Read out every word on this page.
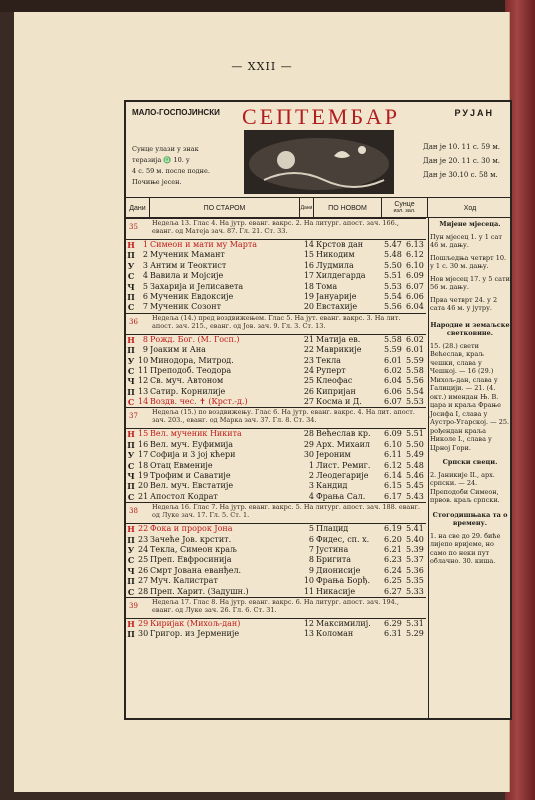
— XXII —
МАЛО-ГОСПОЈИНСКИ	СЕПТЕМБАР	РУЈАН
Сунце улази у знак
теразија ♎ 10. у
4 с. 59 м. после подне.
Почиње јесен.
Дан је 10. 11 с. 59 м.
Дан је 20. 11 с. 30 м.
Дан је 30.10 с. 58 м.
Дани	ПО СТАРОМ	Дани	ПО НОВОМ	Сунце
изл. зал.	Ход
35 Недеља 13. Глас 4. На јутр. еванг. вакрс. 2. На литург. апост. зач. 166., еванг. од Матеја зач. 87. Гл. 21. Ст. 33.
Н	1 Симеон и мати му Марта	14 Крстов дан	5.47 6.13
П	2 Мученик Мамант	15 Никодим	5.48 6.12
У	3 Антим и Теоктист	16 Лудмила	5.50 6.10
С	4 Вавила и Мојсије	17 Хилдегарда	5.51 6.09
Ч	5 Захарија и Јелисавета	18 Тома	5.53 6.07
П	6 Мученик Евдоксије	19 Јануарије	5.54 6.06
С	7 Мученик Созонт	20 Евстахије	5.56 6.04
36 Недеља (14.) пред воздвижењем. Глас 5. На јут. еванг. вакрс. 3. На лит. апост. зач. 215., еванг. од Јов. зач. 9. Гл. 3. Ст. 13.
Н	8 Рожд. Бог. (М. Госп.)	21 Матија ев.	5.58 6.02
П	9 Јоаким и Ана	22 Маврикије	5.59 6.01
У 10 Минодора, Митрод.	23 Текла	6.01 5.59
С 11 Преподоб. Теодора	24 Руперт	6.02 5.58
Ч 12 Св. муч. Автоном	25 Клеофас	6.04 5.56
П 13 Сатир. Корнилије	26 Кипријан	6.06 5.54
С 14 Воздв. чес. ✝ (Крст.-д.)	27 Косма и Д.	6.07 5.53
37 Недеља (15.) по воздвижењу. Глас 6. На јутр. еванг. вакрс. 4. На лит. апост. зач. 203., еванг. од Марка зач. 37. Гл. 8. Ст. 34.
Н 15 Вел. мученик Никита	28 Већеслав кр.	6.09 5.51
П 16 Вел. муч. Еуфимија	29 Арх. Михаил	6.10 5.50
У 17 Софија и 3 јој кћери	30 Јероним	6.11 5.49
С 18 Отац Евменије	1 Лист. Ремиг.	6.12 5.48
Ч 19 Трофим и Саватије	2 Леодегарије	6.14 5.46
П 20 Вел. муч. Евстатије	3 Кандид	6.15 5.45
С 21 Апостол Кодрат	4 Фрања Сал.	6.17 5.43
38 Недеља 16. Глас 7. На јутр. еванг. вакрс. 5. На литург. апост. зач. 188. еванг. од Луке зач. 17. Гл. 5. Ст. 1.
Н 22 Фока и пророк Јона	5 Плацид	6.19 5.41
П 23 Зачеће Јов. крстит.	6 Фидес, сп. х.	6.20 5.40
У 24 Текла, Симеон краљ	7 Јустина	6.21 5.39
С 25 Преп. Евфросинија	8 Бригита	6.23 5.37
Ч 26 Смрт Јована еванђел.	9 Дионисије	6.24 5.36
П 27 Муч. Калистрат	10 Фрања Борђ.	6.25 5.35
С 28 Преп. Харит. (Задушн.)	11 Никасије	6.27 5.33
39 Недеља 17. Глас 8. На јутр. еванг. вакрс. 6. На литург. апост. зач. 194., еванг. од Луке зач. 26. Гл. 6. Ст. 31.
Н 29 Киријак (Михољ-дан)	12 Максимилиј.	6.29 5.31
П 30 Григор. из Јерменије	13 Коломан	6.31 5.29
Мијене мјесеца.

Пун мјесец 1. у 1 сат 46 м. дању.

Пошљедња четврт 10. у 1 с. 30 м. дању.

Нов мјесец 17. у 5 сати 56 м. дању.

Прва четврт 24. у 2 сата 46 м. у јутру.

Народне и земаљске светковине.

15. (28.) свети Већеслав, краљ чешки, слава у Чешкој. — 16 (29.) Михољ-дан, слава у Галицији. — 21. (4. окт.) имендан Њ. В. цара и краља Фрање Јосифа I, слава у Аустро-Угарској. — 25. рођендан краља Николе I., слава у Црној Гори.

Српски свеци.

2. Јаникије II., арх. српски. — 24. Преподоби Симеон, првов. краљ српски.

Стогодишњака та о времену.

1. на све до 29. биће лијепо вријеме, но само по неки пут облачно. 30. киша.
